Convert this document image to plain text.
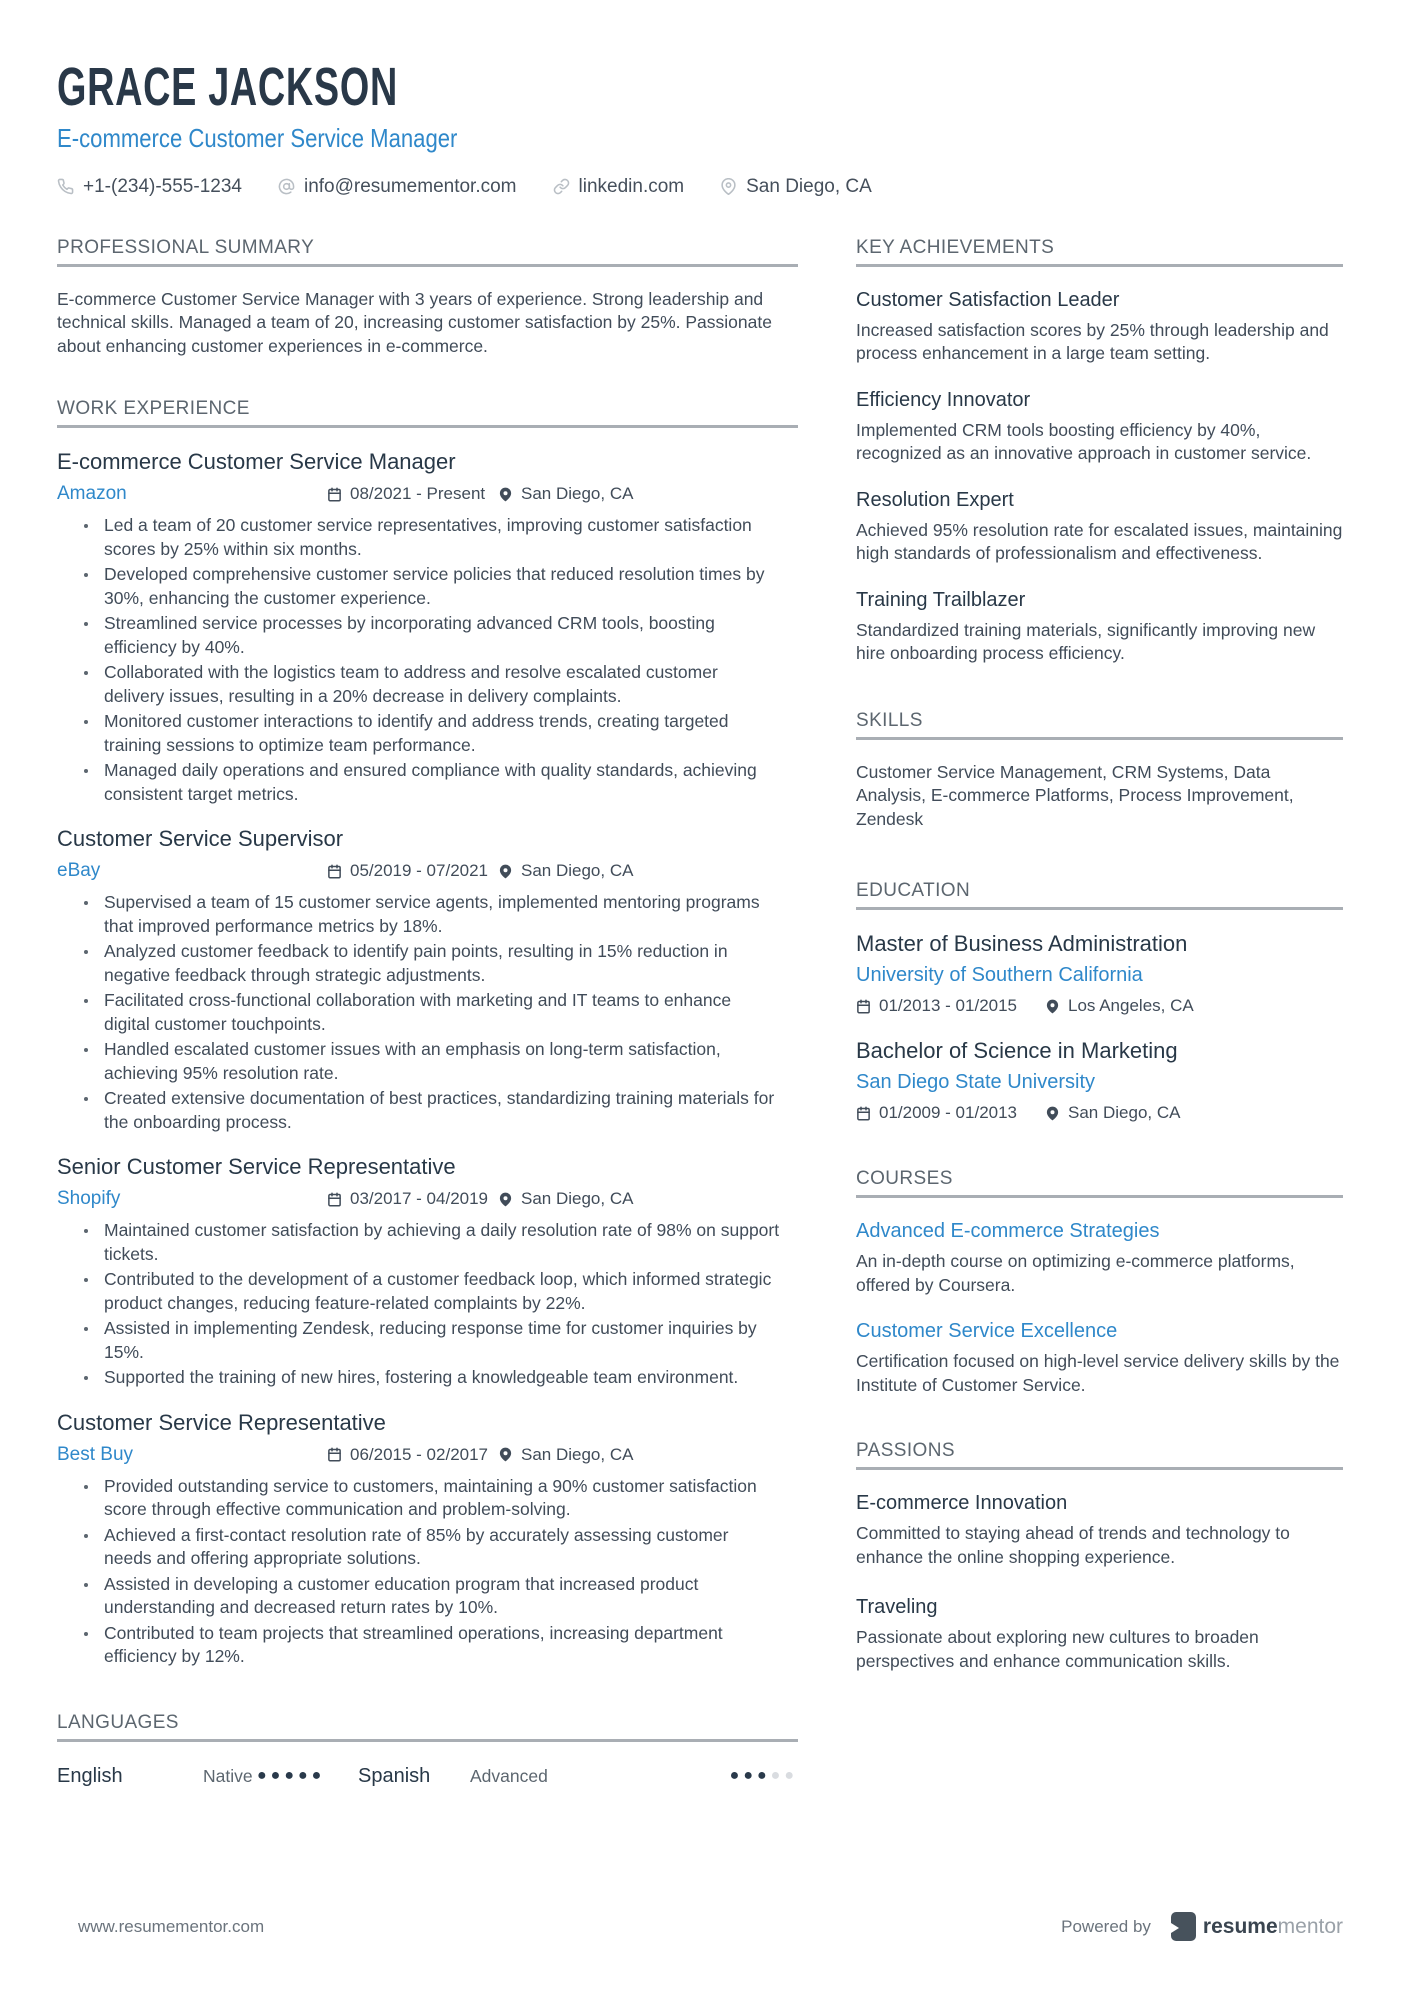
GRACE JACKSON
E-commerce Customer Service Manager
+1-(234)-555-1234	info@resumementor.com	linkedin.com	San Diego, CA
PROFESSIONAL SUMMARY

E-commerce Customer Service Manager with 3 years of experience. Strong leadership and technical skills. Managed a team of 20, increasing customer satisfaction by 25%. Passionate about enhancing customer experiences in e-commerce.

WORK EXPERIENCE
E-commerce Customer Service Manager
Amazon	08/2021 - Present San Diego, CA
Led a team of 20 customer service representatives, improving customer satisfaction scores by 25% within six months.
Developed comprehensive customer service policies that reduced resolution times by 30%, enhancing the customer experience.
Streamlined service processes by incorporating advanced CRM tools, boosting efficiency by 40%.
Collaborated with the logistics team to address and resolve escalated customer delivery issues, resulting in a 20% decrease in delivery complaints.
Monitored customer interactions to identify and address trends, creating targeted training sessions to optimize team performance.
Managed daily operations and ensured compliance with quality standards, achieving consistent target metrics.
Customer Service Supervisor
eBay	05/2019 - 07/2021 San Diego, CA
Supervised a team of 15 customer service agents, implemented mentoring programs that improved performance metrics by 18%.
Analyzed customer feedback to identify pain points, resulting in 15% reduction in negative feedback through strategic adjustments.
Facilitated cross-functional collaboration with marketing and IT teams to enhance digital customer touchpoints.
Handled escalated customer issues with an emphasis on long-term satisfaction, achieving 95% resolution rate.
Created extensive documentation of best practices, standardizing training materials for the onboarding process.
Senior Customer Service Representative
Shopify	03/2017 - 04/2019 San Diego, CA
Maintained customer satisfaction by achieving a daily resolution rate of 98% on support tickets.
Contributed to the development of a customer feedback loop, which informed strategic product changes, reducing feature-related complaints by 22%.
Assisted in implementing Zendesk, reducing response time for customer inquiries by 15%.
Supported the training of new hires, fostering a knowledgeable team environment.
Customer Service Representative
Best Buy	06/2015 - 02/2017 San Diego, CA
Provided outstanding service to customers, maintaining a 90% customer satisfaction score through effective communication and problem-solving.
Achieved a first-contact resolution rate of 85% by accurately assessing customer needs and offering appropriate solutions.
Assisted in developing a customer education program that increased product understanding and decreased return rates by 10%.
Contributed to team projects that streamlined operations, increasing department efficiency by 12%.
LANGUAGES
English	Native ●●●●● Spanish	Advanced	●●●●●
KEY ACHIEVEMENTS
Customer Satisfaction Leader
Increased satisfaction scores by 25% through leadership and process enhancement in a large team setting.
Efficiency Innovator
Implemented CRM tools boosting efficiency by 40%, recognized as an innovative approach in customer service.
Resolution Expert
Achieved 95% resolution rate for escalated issues, maintaining high standards of professionalism and effectiveness.
Training Trailblazer
Standardized training materials, significantly improving new hire onboarding process efficiency.
SKILLS
Customer Service Management, CRM Systems, Data Analysis, E-commerce Platforms, Process Improvement, Zendesk
EDUCATION
Master of Business Administration
University of Southern California
01/2013 - 01/2015	Los Angeles, CA
Bachelor of Science in Marketing
San Diego State University
01/2009 - 01/2013	San Diego, CA
COURSES
Advanced E-commerce Strategies
An in-depth course on optimizing e-commerce platforms, offered by Coursera.
Customer Service Excellence
Certification focused on high-level service delivery skills by the Institute of Customer Service.
PASSIONS
E-commerce Innovation
Committed to staying ahead of trends and technology to enhance the online shopping experience.
Traveling
Passionate about exploring new cultures to broaden perspectives and enhance communication skills.
www.resumementor.com	Powered by resumementor
